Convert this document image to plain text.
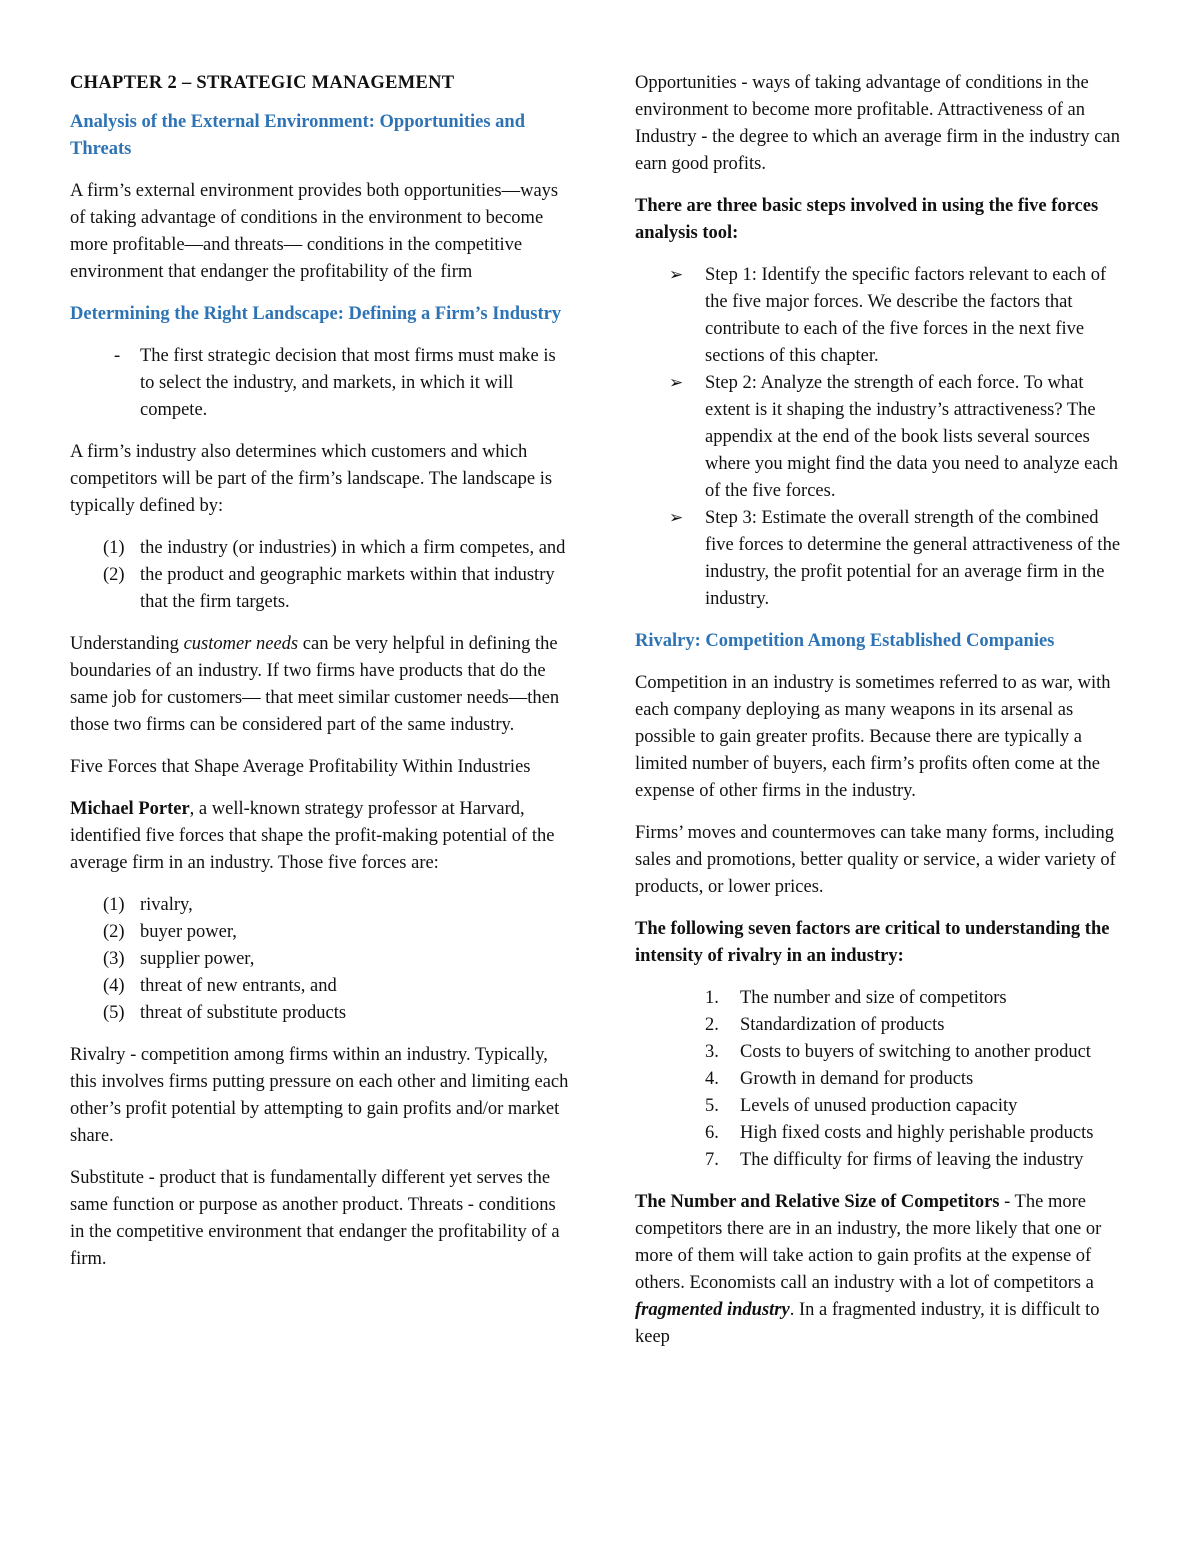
CHAPTER 2 – STRATEGIC MANAGEMENT

Analysis of the External Environment: Opportunities and Threats

A firm’s external environment provides both opportunities—ways of taking advantage of conditions in the environment to become more profitable—and threats— conditions in the competitive environment that endanger the profitability of the firm

Determining the Right Landscape: Defining a Firm’s Industry

- The first strategic decision that most firms must make is to select the industry, and markets, in which it will compete.

A firm’s industry also determines which customers and which competitors will be part of the firm’s landscape. The landscape is typically defined by:

(1) the industry (or industries) in which a firm competes, and
(2) the product and geographic markets within that industry that the firm targets.

Understanding customer needs can be very helpful in defining the boundaries of an industry. If two firms have products that do the same job for customers— that meet similar customer needs—then those two firms can be considered part of the same industry.

Five Forces that Shape Average Profitability Within Industries

Michael Porter, a well-known strategy professor at Harvard, identified five forces that shape the profit-making potential of the average firm in an industry. Those five forces are:

(1) rivalry,
(2) buyer power,
(3) supplier power,
(4) threat of new entrants, and
(5) threat of substitute products

Rivalry - competition among firms within an industry. Typically, this involves firms putting pressure on each other and limiting each other’s profit potential by attempting to gain profits and/or market share.

Substitute - product that is fundamentally different yet serves the same function or purpose as another product. Threats - conditions in the competitive environment that endanger the profitability of a firm.

Opportunities - ways of taking advantage of conditions in the environment to become more profitable. Attractiveness of an Industry - the degree to which an average firm in the industry can earn good profits.

There are three basic steps involved in using the five forces analysis tool:

➢ Step 1: Identify the specific factors relevant to each of the five major forces. We describe the factors that contribute to each of the five forces in the next five sections of this chapter.
➢ Step 2: Analyze the strength of each force. To what extent is it shaping the industry’s attractiveness? The appendix at the end of the book lists several sources where you might find the data you need to analyze each of the five forces.
➢ Step 3: Estimate the overall strength of the combined five forces to determine the general attractiveness of the industry, the profit potential for an average firm in the industry.

Rivalry: Competition Among Established Companies

Competition in an industry is sometimes referred to as war, with each company deploying as many weapons in its arsenal as possible to gain greater profits. Because there are typically a limited number of buyers, each firm’s profits often come at the expense of other firms in the industry.

Firms’ moves and countermoves can take many forms, including sales and promotions, better quality or service, a wider variety of products, or lower prices.

The following seven factors are critical to understanding the intensity of rivalry in an industry:

1. The number and size of competitors
2. Standardization of products
3. Costs to buyers of switching to another product
4. Growth in demand for products
5. Levels of unused production capacity
6. High fixed costs and highly perishable products
7. The difficulty for firms of leaving the industry

The Number and Relative Size of Competitors - The more competitors there are in an industry, the more likely that one or more of them will take action to gain profits at the expense of others. Economists call an industry with a lot of competitors a fragmented industry. In a fragmented industry, it is difficult to keep
